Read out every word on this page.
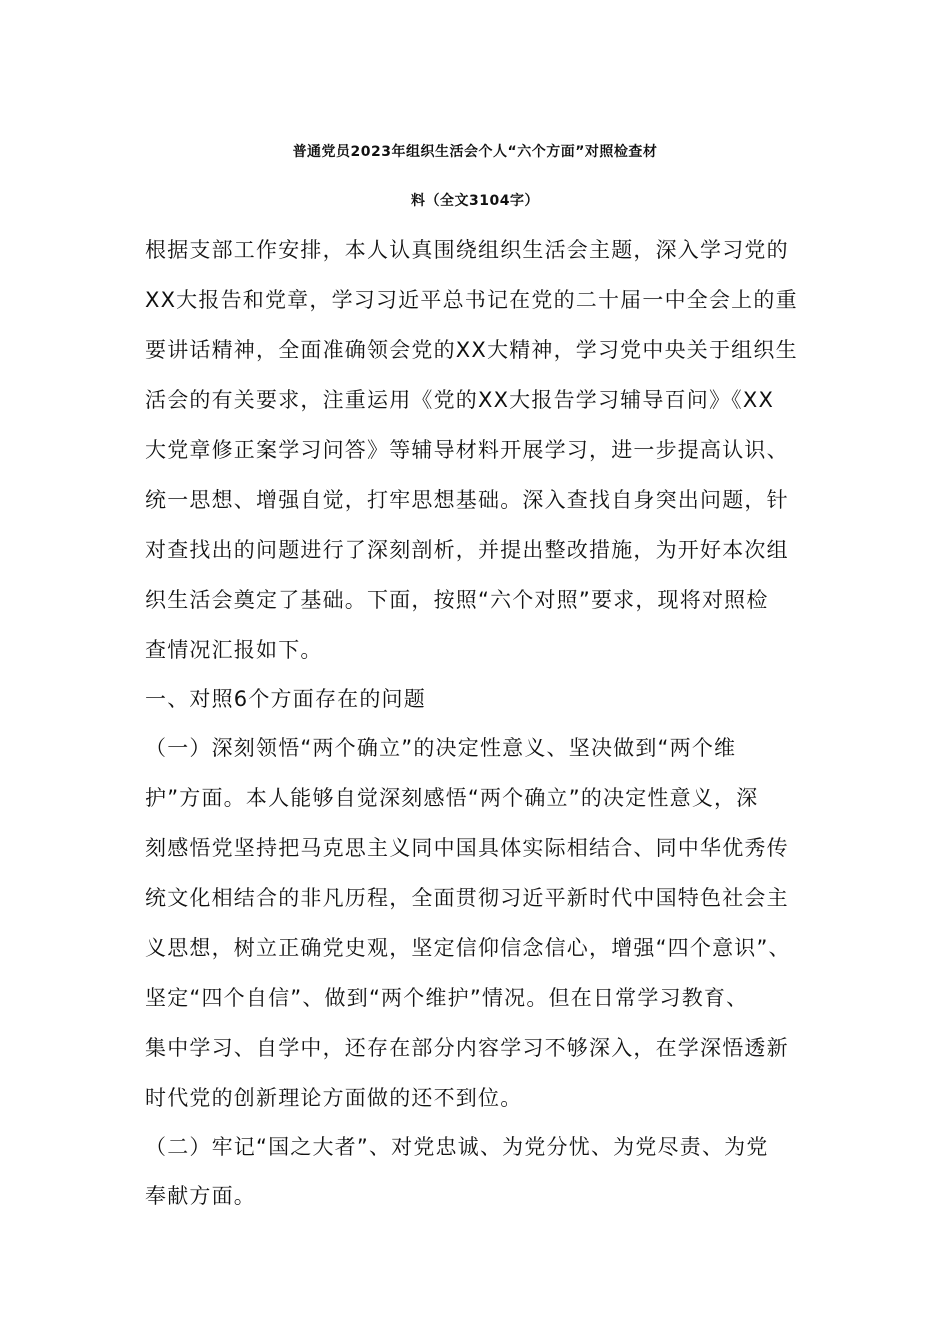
普通党员2023年组织生活会个人“六个方面”对照检查材
料（全文3104字）
根据支部工作安排，本人认真围绕组织生活会主题，深入学习党的
XX大报告和党章，学习习近平总书记在党的二十届一中全会上的重
要讲话精神，全面准确领会党的XX大精神，学习党中央关于组织生
活会的有关要求，注重运用《党的XX大报告学习辅导百问》《XX
大党章修正案学习问答》等辅导材料开展学习，进一步提高认识、
统一思想、增强自觉，打牢思想基础。深入查找自身突出问题，针
对查找出的问题进行了深刻剖析，并提出整改措施，为开好本次组
织生活会奠定了基础。下面，按照“六个对照”要求，现将对照检
查情况汇报如下。
一、对照6个方面存在的问题
（一）深刻领悟“两个确立”的决定性意义、坚决做到“两个维
护”方面。本人能够自觉深刻感悟“两个确立”的决定性意义，深
刻感悟党坚持把马克思主义同中国具体实际相结合、同中华优秀传
统文化相结合的非凡历程，全面贯彻习近平新时代中国特色社会主
义思想，树立正确党史观，坚定信仰信念信心，增强“四个意识”、
坚定“四个自信”、做到“两个维护”情况。但在日常学习教育、
集中学习、自学中，还存在部分内容学习不够深入，在学深悟透新
时代党的创新理论方面做的还不到位。
（二）牢记“国之大者”、对党忠诚、为党分忧、为党尽责、为党
奉献方面。
